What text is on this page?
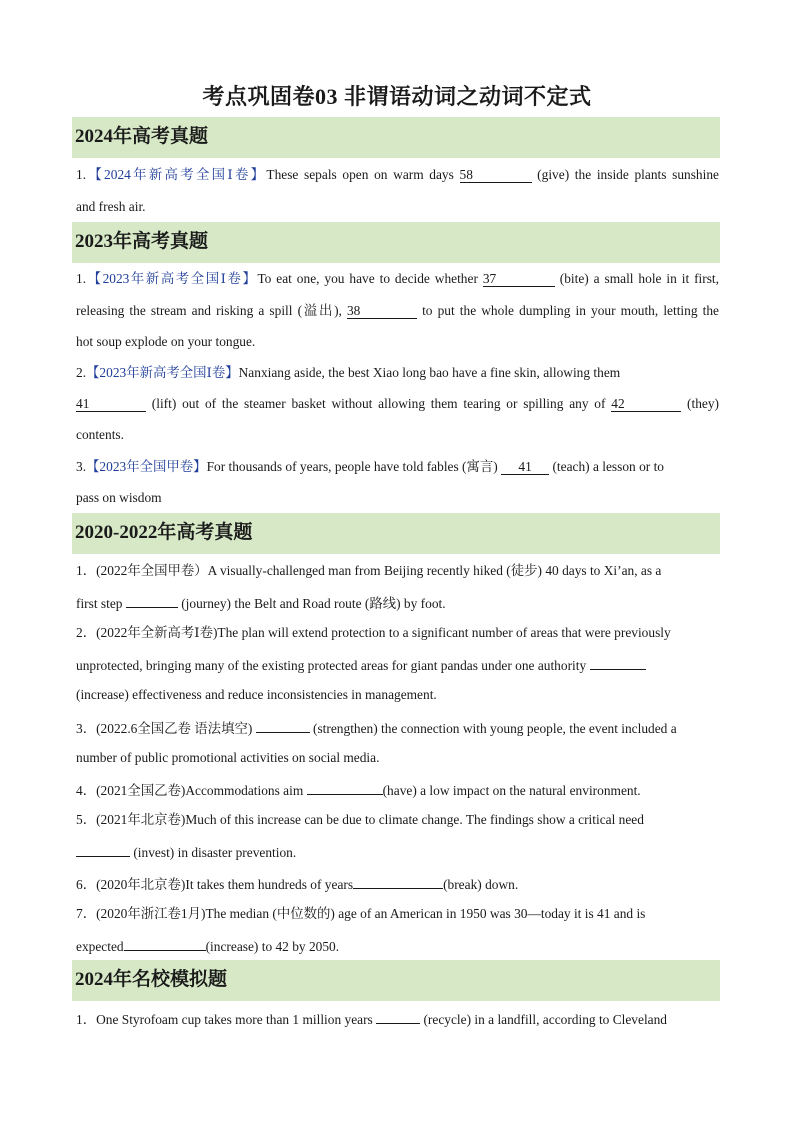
考点巩固卷03 非谓语动词之动词不定式
2024年高考真题
1.【2024年新高考全国Ⅰ卷】These sepals open on warm days 58	(give) the inside plants sunshine
and fresh air.
2023年高考真题
1.【2023年新高考全国Ⅰ卷】To eat one, you have to decide whether 37	(bite) a small hole in it first,
releasing the stream and risking a spill (溢出), 38	to put the whole dumpling in your mouth, letting the
hot soup explode on your tongue.
2.【2023年新高考全国Ⅰ卷】Nanxiang aside, the best Xiao long bao have a fine skin, allowing them
41	(lift) out of the steamer basket without allowing them tearing or spilling any of 42	(they)
contents.
3.【2023年全国甲卷】For thousands of years, people have told fables (寓言) 41 (teach) a lesson or to
pass on wisdom
2020-2022年高考真题
1．(2022年全国甲卷）A visually-challenged man from Beijing recently hiked (徒步) 40 days to Xi’an, as a
first step	(journey) the Belt and Road route (路线) by foot.
2．(2022年全新高考Ⅰ卷)The plan will extend protection to a significant number of areas that were previously
unprotected, bringing many of the existing protected areas for giant pandas under one authority
(increase) effectiveness and reduce inconsistencies in management.
3．(2022.6全国乙卷 语法填空)	(strengthen) the connection with young people, the event included a
number of public promotional activities on social media.
4．(2021全国乙卷)Accommodations aim	(have) a low impact on the natural environment.
5．(2021年北京卷)Much of this increase can be due to climate change. The findings show a critical need
(invest) in disaster prevention.
6．(2020年北京卷)It takes them hundreds of years	(break) down.
7．(2020年浙江卷1月)The median (中位数的) age of an American in 1950 was 30—today it is 41 and is
expected	(increase) to 42 by 2050.
2024年名校模拟题
1．One Styrofoam cup takes more than 1 million years	(recycle) in a landfill, according to Cleveland
